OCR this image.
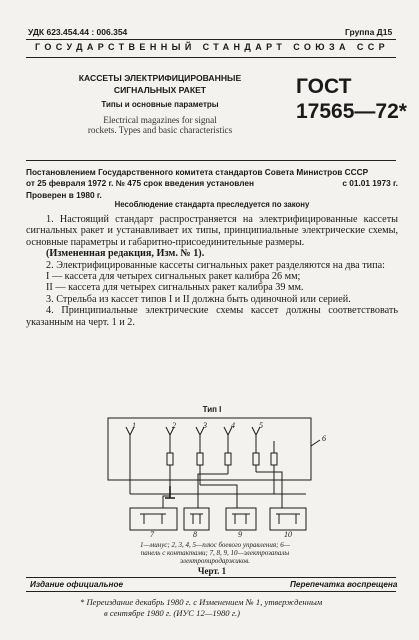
УДК 623.454.44 : 006.354	Группа Д15
ГОСУДАРСТВЕННЫЙ СТАНДАРТ СОЮЗА ССР
КАССЕТЫ ЭЛЕКТРИФИЦИРОВАННЫЕ
СИГНАЛЬНЫХ РАКЕТ
Типы и основные параметры
Electrical magazines for signal
rockets. Types and basic characteristics
ГОСТ
17565—72*
Постановлением Государственного комитета стандартов Совета Министров СССР
от 25 февраля 1972 г. № 475 срок введения установлен	с 01.01 1973 г.
Проверен в 1980 г.
Несоблюдение стандарта преследуется по закону

1. Настоящий стандарт распространяется на электрифицированные кассеты сигнальных ракет и устанавливает их типы, принципиальные электрические схемы, основные параметры и габаритно-присоединительные размеры.

(Измененная редакция, Изм. № 1).

2. Электрифицированные кассеты сигнальных ракет разделяются на два типа:

I — кассета для четырех сигнальных ракет калибра 26 мм;

II — кассета для четырех сигнальных ракет калибра 39 мм.

3. Стрельба из кассет типов I и II должна быть одиночной или серией.

4. Принципиальные электрические схемы кассет должны соответствовать указанным на черт. 1 и 2.

Тип I
1	2	3	4	5
6
7	8	9	10
1—минус; 2, 3, 4, 5—плюс боевого управления; 6—
панель с контактами; 7, 8, 9, 10—электрозапалы
электропиродаржиков.
Черт. 1
Издание официальное	Перепечатка воспрещена
* Переиздание декабрь 1980 г. с Изменением № 1, утвержденным
в сентябре 1980 г. (ИУС 12—1980 г.)
